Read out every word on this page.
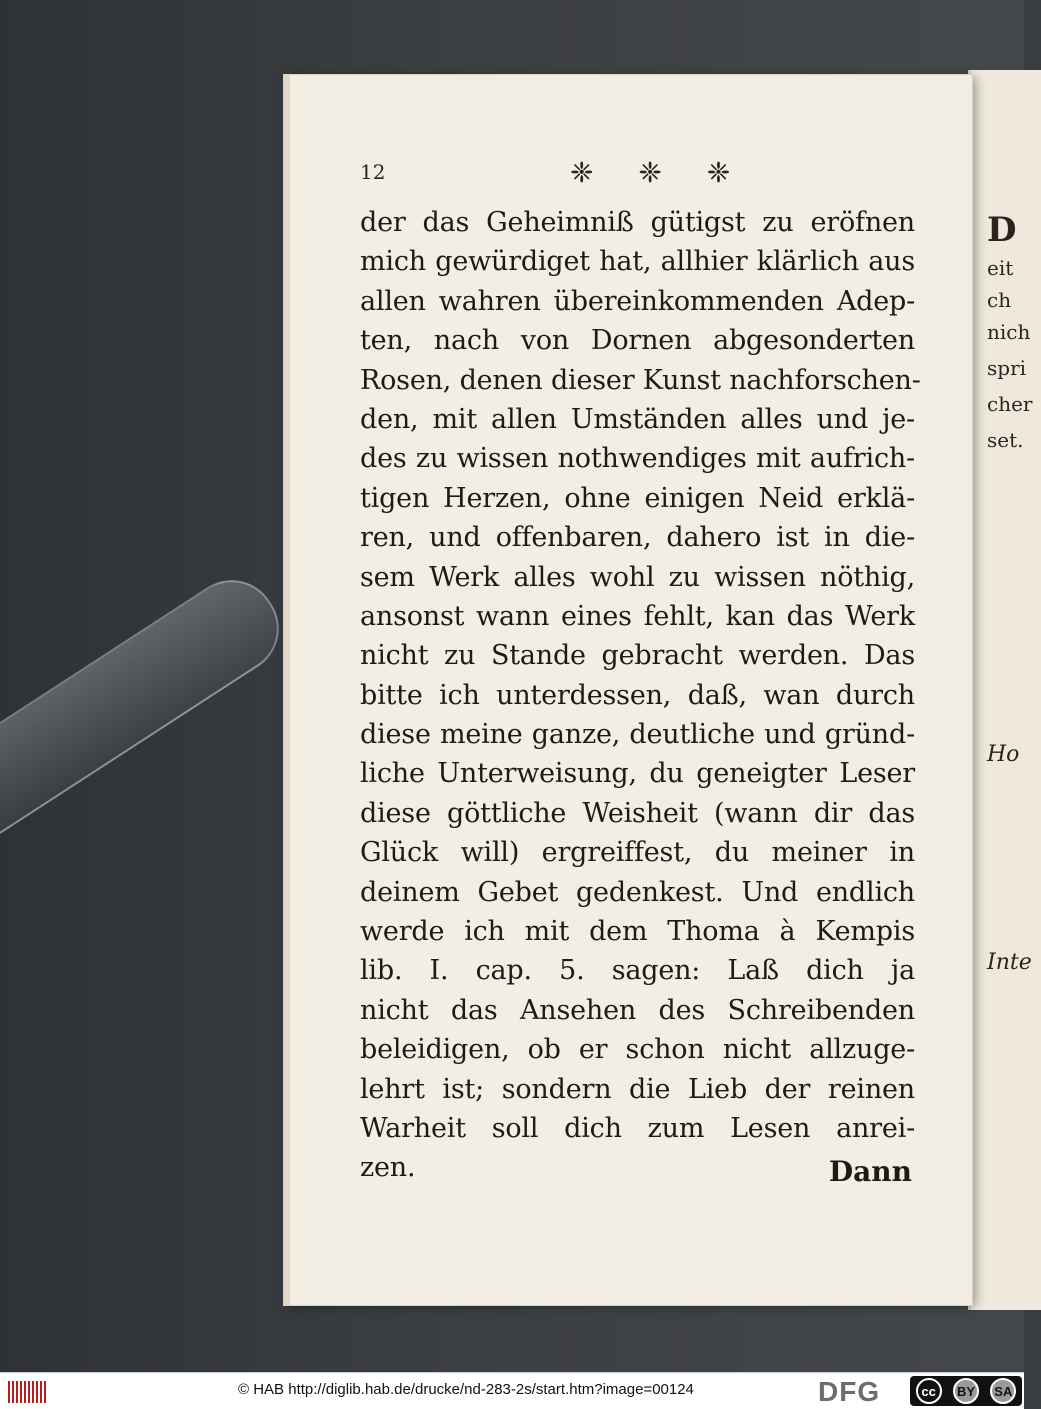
D
eit
ch
nich
spri
cher
set.
Ho
Inte
12	❈ ❈ ❈
der das Geheimniß gütigst zu eröfnen
mich gewürdiget hat, allhier klärlich aus
allen wahren übereinkommenden Adep-
ten, nach von Dornen abgesonderten
Rosen, denen dieser Kunst nachforschen-
den, mit allen Umständen alles und je-
des zu wissen nothwendiges mit aufrich-
tigen Herzen, ohne einigen Neid erklä-
ren, und offenbaren, dahero ist in die-
sem Werk alles wohl zu wissen nöthig,
ansonst wann eines fehlt, kan das Werk
nicht zu Stande gebracht werden. Das
bitte ich unterdessen, daß, wan durch
diese meine ganze, deutliche und gründ-
liche Unterweisung, du geneigter Leser
diese göttliche Weisheit (wann dir das
Glück will) ergreiffest, du meiner in
deinem Gebet gedenkest. Und endlich
werde ich mit dem Thoma à Kempis
lib. I. cap. 5. sagen: Laß dich ja
nicht das Ansehen des Schreibenden
beleidigen, ob er schon nicht allzuge-
lehrt ist; sondern die Lieb der reinen
Warheit soll dich zum Lesen anrei-
zen.	Dann
© HAB http://diglib.hab.de/drucke/nd-283-2s/start.htm?image=00124	DFG	cc	BY	SA
